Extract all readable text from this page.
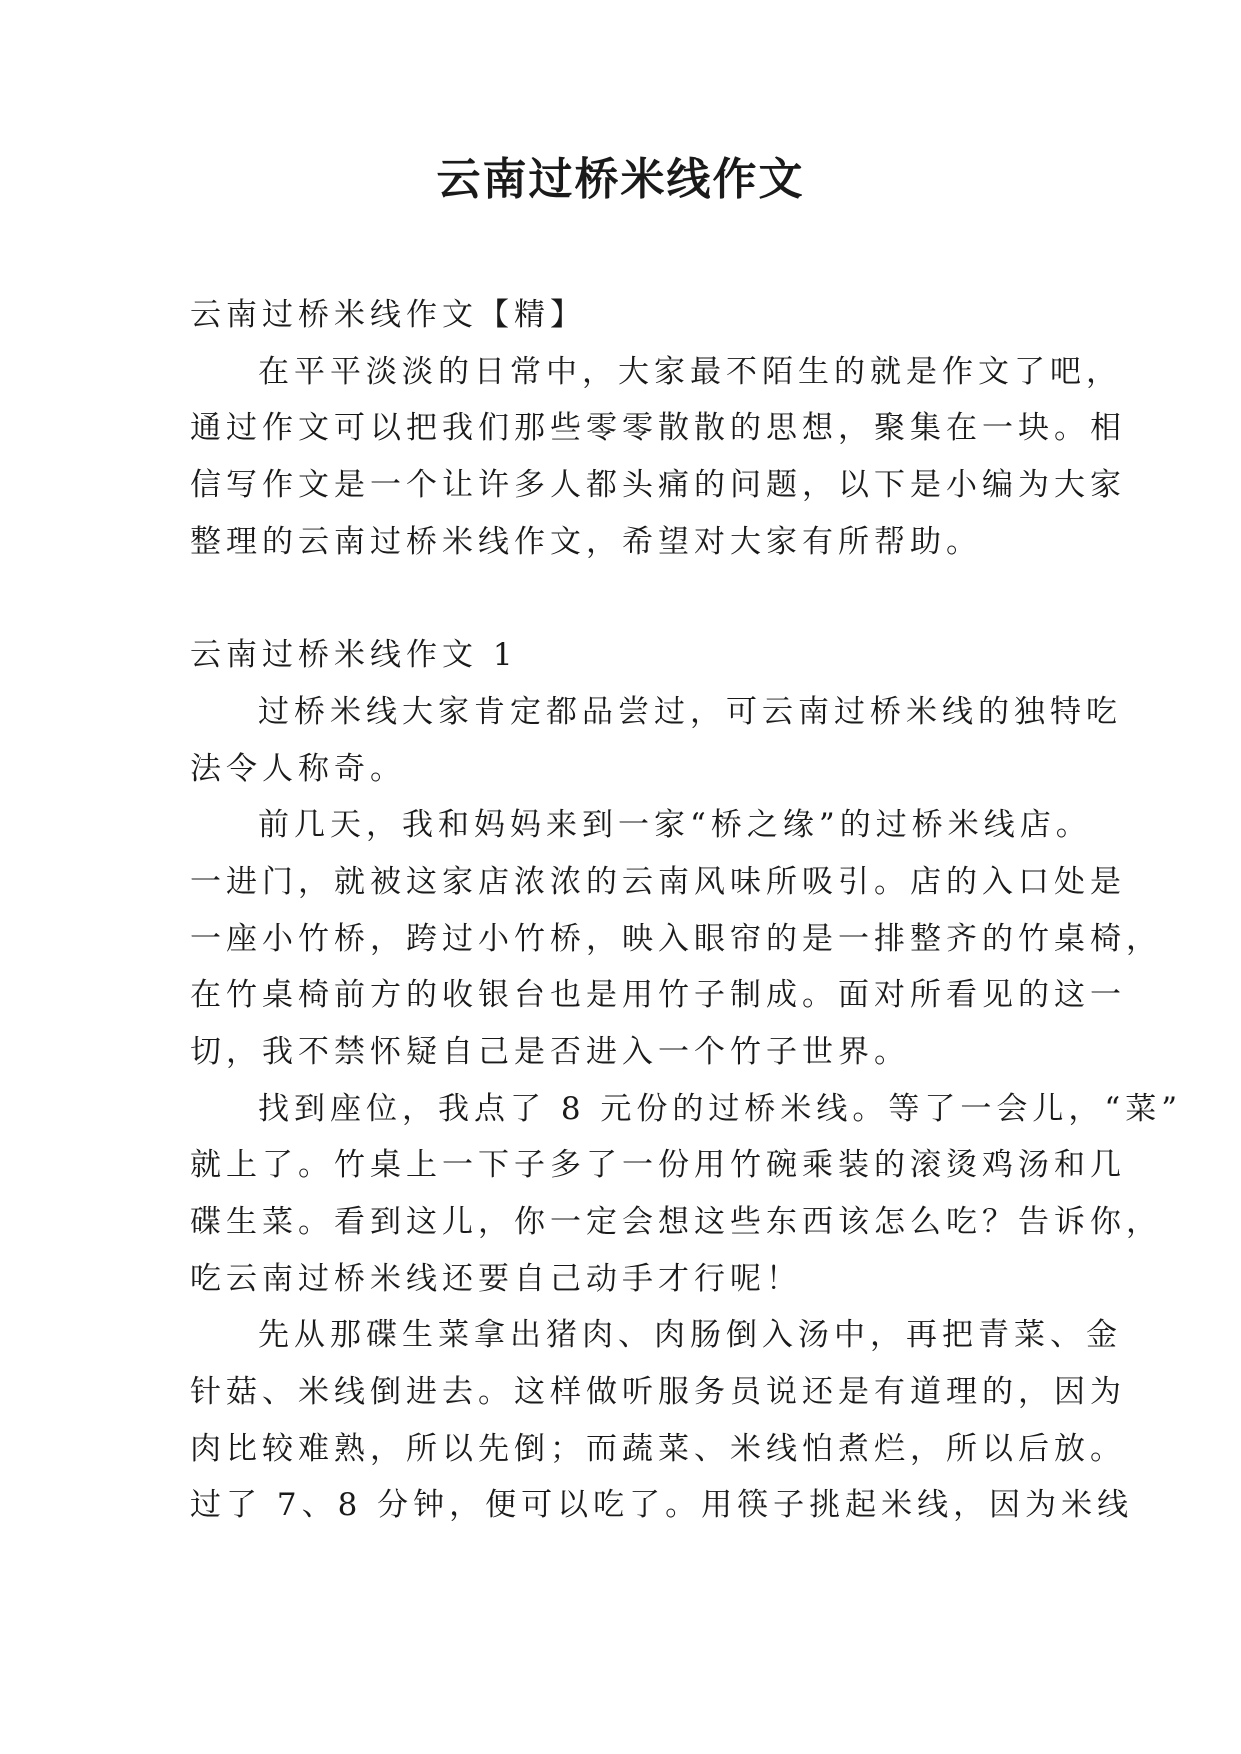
云南过桥米线作文
云南过桥米线作文【精】
在平平淡淡的日常中，大家最不陌生的就是作文了吧，
通过作文可以把我们那些零零散散的思想，聚集在一块。相
信写作文是一个让许多人都头痛的问题，以下是小编为大家
整理的云南过桥米线作文，希望对大家有所帮助。
云南过桥米线作文 1
过桥米线大家肯定都品尝过，可云南过桥米线的独特吃
法令人称奇。
前几天，我和妈妈来到一家“桥之缘”的过桥米线店。
一进门，就被这家店浓浓的云南风味所吸引。店的入口处是
一座小竹桥，跨过小竹桥，映入眼帘的是一排整齐的竹桌椅，
在竹桌椅前方的收银台也是用竹子制成。面对所看见的这一
切，我不禁怀疑自己是否进入一个竹子世界。
找到座位，我点了 8 元份的过桥米线。等了一会儿，“菜”
就上了。竹桌上一下子多了一份用竹碗乘装的滚烫鸡汤和几
碟生菜。看到这儿，你一定会想这些东西该怎么吃？告诉你，
吃云南过桥米线还要自己动手才行呢！
先从那碟生菜拿出猪肉、肉肠倒入汤中，再把青菜、金
针菇、米线倒进去。这样做听服务员说还是有道理的，因为
肉比较难熟，所以先倒；而蔬菜、米线怕煮烂，所以后放。
过了 7、8 分钟，便可以吃了。用筷子挑起米线，因为米线
